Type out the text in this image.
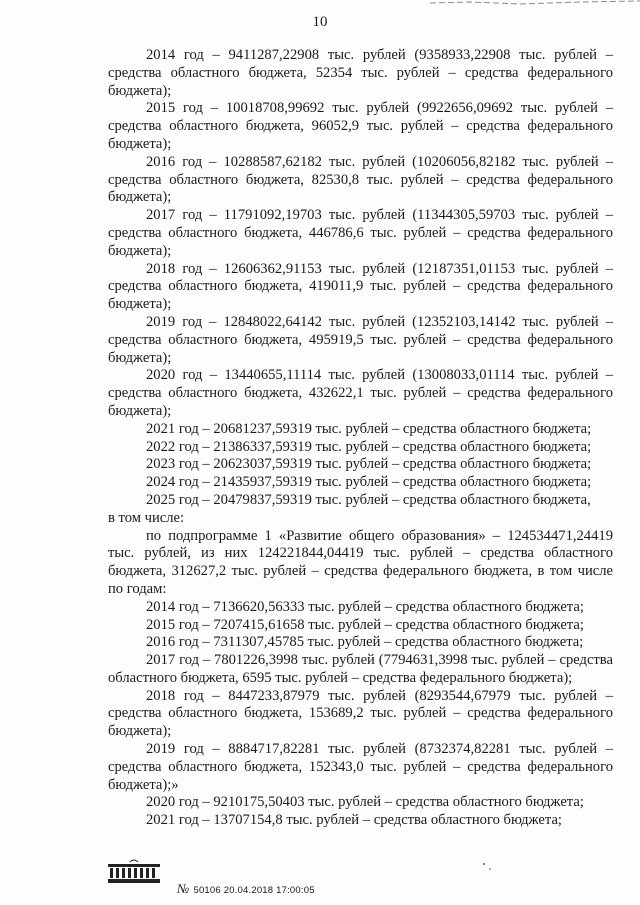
10

2014 год – 9411287,22908 тыс. рублей (9358933,22908 тыс. рублей – средства областного бюджета, 52354 тыс. рублей – средства федерального бюджета);

2015 год – 10018708,99692 тыс. рублей (9922656,09692 тыс. рублей – средства областного бюджета, 96052,9 тыс. рублей – средства федерального бюджета);

2016 год – 10288587,62182 тыс. рублей (10206056,82182 тыс. рублей – средства областного бюджета, 82530,8 тыс. рублей – средства федерального бюджета);

2017 год – 11791092,19703 тыс. рублей (11344305,59703 тыс. рублей – средства областного бюджета, 446786,6 тыс. рублей – средства федерального бюджета);

2018 год – 12606362,91153 тыс. рублей (12187351,01153 тыс. рублей – средства областного бюджета, 419011,9 тыс. рублей – средства федерального бюджета);

2019 год – 12848022,64142 тыс. рублей (12352103,14142 тыс. рублей – средства областного бюджета, 495919,5 тыс. рублей – средства федерального бюджета);

2020 год – 13440655,11114 тыс. рублей (13008033,01114 тыс. рублей – средства областного бюджета, 432622,1 тыс. рублей – средства федерального бюджета);

2021 год – 20681237,59319 тыс. рублей – средства областного бюджета;

2022 год – 21386337,59319 тыс. рублей – средства областного бюджета;

2023 год – 20623037,59319 тыс. рублей – средства областного бюджета;

2024 год – 21435937,59319 тыс. рублей – средства областного бюджета;

2025 год – 20479837,59319 тыс. рублей – средства областного бюджета,

в том числе:

по подпрограмме 1 «Развитие общего образования» – 124534471,24419 тыс. рублей, из них 124221844,04419 тыс. рублей – средства областного бюджета, 312627,2 тыс. рублей – средства федерального бюджета, в том числе по годам:

2014 год – 7136620,56333 тыс. рублей – средства областного бюджета;

2015 год – 7207415,61658 тыс. рублей – средства областного бюджета;

2016 год – 7311307,45785 тыс. рублей – средства областного бюджета;

2017 год – 7801226,3998 тыс. рублей (7794631,3998 тыс. рублей – средства областного бюджета, 6595 тыс. рублей – средства федерального бюджета);

2018 год – 8447233,87979 тыс. рублей (8293544,67979 тыс. рублей – средства областного бюджета, 153689,2 тыс. рублей – средства федерального бюджета);

2019 год – 8884717,82281 тыс. рублей (8732374,82281 тыс. рублей – средства областного бюджета, 152343,0 тыс. рублей – средства федерального бюджета);»

2020 год – 9210175,50403 тыс. рублей – средства областного бюджета;

2021 год – 13707154,8 тыс. рублей – средства областного бюджета;

№ 50106 20.04.2018 17:00:05
